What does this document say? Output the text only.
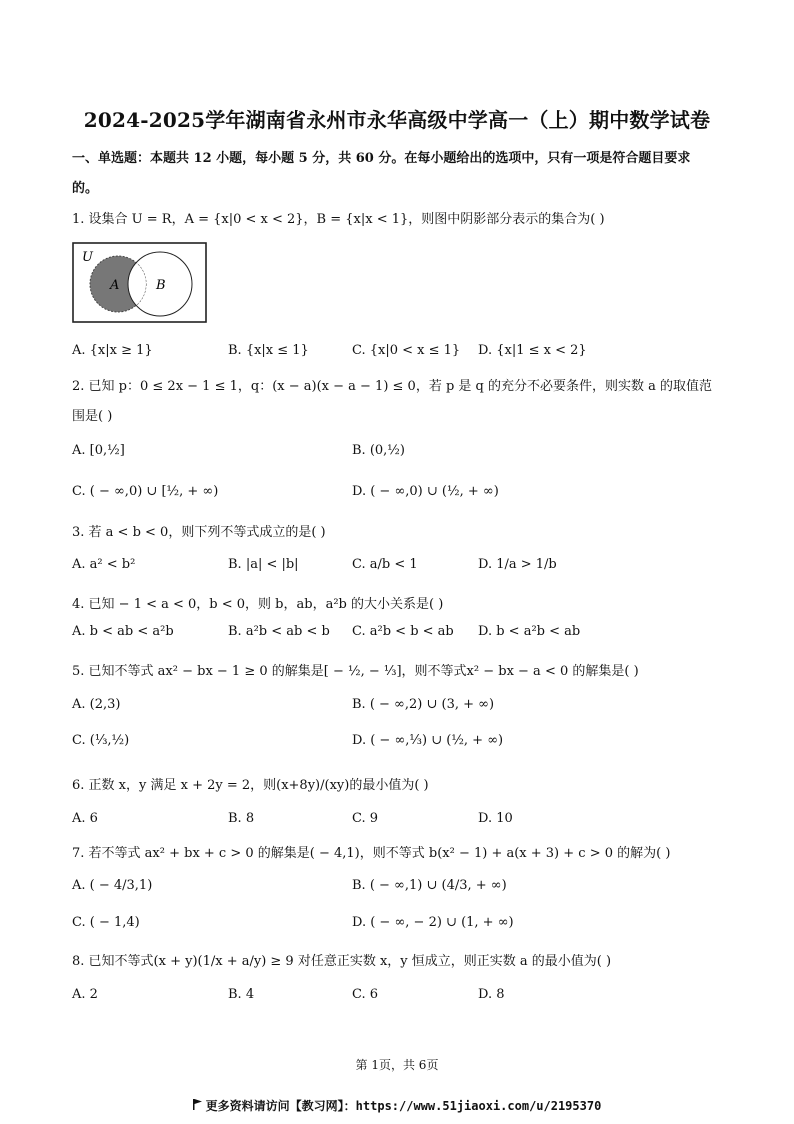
2024-2025学年湖南省永州市永华高级中学高一（上）期中数学试卷
一、单选题：本题共 12 小题，每小题 5 分，共 60 分。在每小题给出的选项中，只有一项是符合题目要求
的。
1. 设集合 U = R，A = {x|0 < x < 2}，B = {x|x < 1}，则图中阴影部分表示的集合为( )
U
A	B
A. {x|x ≥ 1}	B. {x|x ≤ 1}	C. {x|0 < x ≤ 1} D. {x|1 ≤ x < 2}
2. 已知 p：0 ≤ 2x − 1 ≤ 1，q：(x − a)(x − a − 1) ≤ 0，若 p 是 q 的充分不必要条件，则实数 a 的取值范
围是( )
A. [0,½]	B. (0,½)
C. ( − ∞,0) ∪ [½, + ∞)	D. ( − ∞,0) ∪ (½, + ∞)
3. 若 a < b < 0，则下列不等式成立的是( )
A. a² < b²	B. |a| < |b|	C. a/b < 1	D. 1/a > 1/b
4. 已知 − 1 < a < 0，b < 0，则 b，ab，a²b 的大小关系是( )
A. b < ab < a²b	B. a²b < ab < b C. a²b < b < ab D. b < a²b < ab
5. 已知不等式 ax² − bx − 1 ≥ 0 的解集是[ − ½, − ⅓]，则不等式x² − bx − a < 0 的解集是( )
A. (2,3)	B. ( − ∞,2) ∪ (3, + ∞)
C. (⅓,½)	D. ( − ∞,⅓) ∪ (½, + ∞)
6. 正数 x，y 满足 x + 2y = 2，则(x+8y)/(xy)的最小值为( )
A. 6	B. 8	C. 9	D. 10
7. 若不等式 ax² + bx + c > 0 的解集是( − 4,1)，则不等式 b(x² − 1) + a(x + 3) + c > 0 的解为( )
A. ( − 4/3,1)	B. ( − ∞,1) ∪ (4/3, + ∞)
C. ( − 1,4)	D. ( − ∞, − 2) ∪ (1, + ∞)
8. 已知不等式(x + y)(1/x + a/y) ≥ 9 对任意正实数 x，y 恒成立，则正实数 a 的最小值为( )
A. 2	B. 4	C. 6	D. 8
第 1页，共 6页
更多资料请访问【教习网】：https://www.51jiaoxi.com/u/2195370
